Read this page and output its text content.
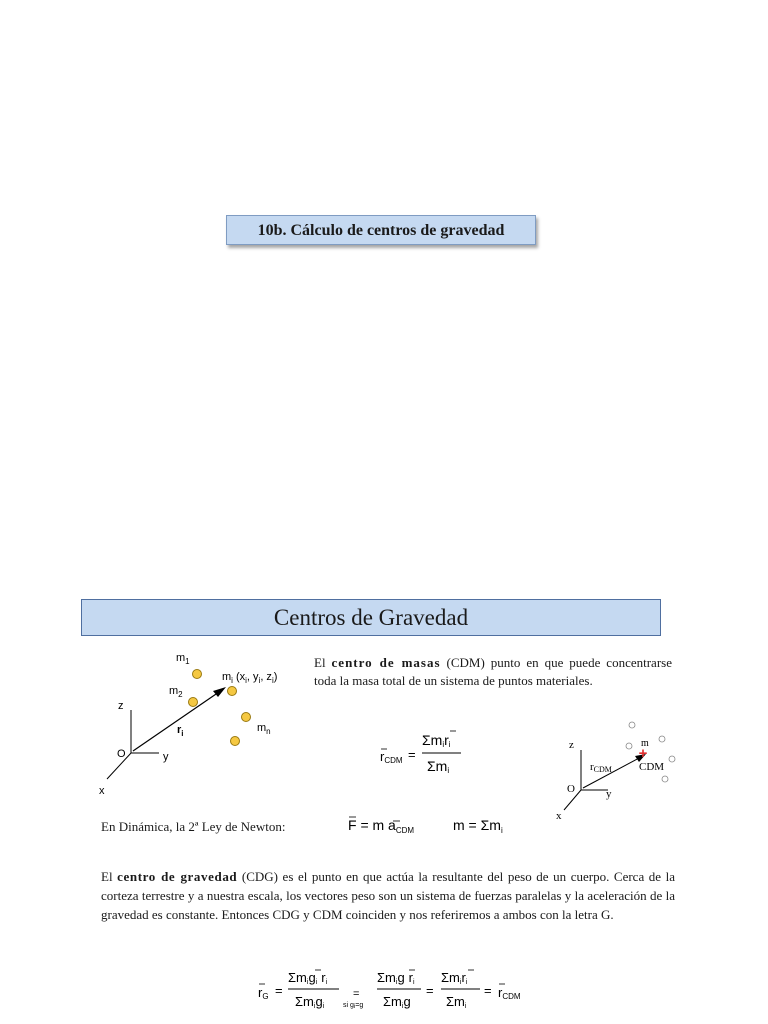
10b. Cálculo de centros de gravedad
Centros de Gravedad
$m_1$
$m_2$
$m_i$ ($x_i$, $y_i$, $z_i$)
$m_n$
$r_i$
z
y
x
O
El centro de masas (CDM) punto en que puede concentrarse toda la masa total de un sistema de puntos materiales.
rCDM =
Σmiri
Σmi
+
z
y
x
O
rCDM
m
CDM
En Dinámica, la 2ª Ley de Newton:	F = m $a_{CDM}$	$m = \Sigma m_i$
El centro de gravedad (CDG) es el punto en que actúa la resultante del peso de un cuerpo. Cerca de la corteza terrestre y a nuestra escala, los vectores peso son un sistema de fuerzas paralelas y la aceleración de la gravedad es constante. Entonces CDG y CDM coinciden y nos referiremos a ambos con la letra G.
rG =
Σmigi ri
Σmigi
=
si gi=g
Σmig ri
Σmig
=
Σmiri
Σmi
= rCDM
